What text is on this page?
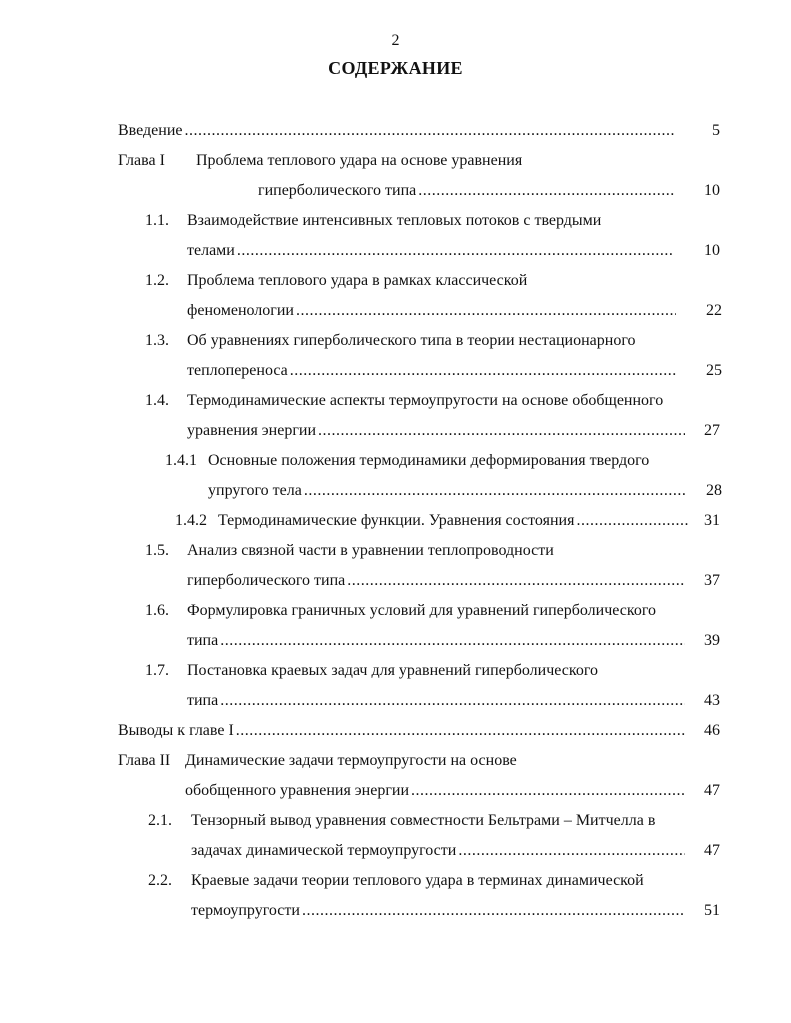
2
СОДЕРЖАНИЕ
Введение .....	5
Глава I Проблема теплового удара на основе уравнения
гиперболического типа .....	10
1.1. Взаимодействие интенсивных тепловых потоков с твердыми
телами .....	10
1.2. Проблема теплового удара в рамках классической
феноменологии .....	22
1.3. Об уравнениях гиперболического типа в теории нестационарного
теплопереноса .....	25
1.4. Термодинамические аспекты термоупругости на основе обобщенного
уравнения энергии .....	27
1.4.1 Основные положения термодинамики деформирования твердого
упругого тела .....	28
1.4.2 Термодинамические функции. Уравнения состояния .....	31
1.5. Анализ связной части в уравнении теплопроводности
гиперболического типа .....	37
1.6. Формулировка граничных условий для уравнений гиперболического
типа .....	39
1.7. Постановка краевых задач для уравнений гиперболического
типа .....	43
Выводы к главе I .....	46
Глава II Динамические задачи термоупругости на основе
обобщенного уравнения энергии .....	47
2.1. Тензорный вывод уравнения совместности Бельтрами – Митчелла в
задачах динамической термоупругости .....	47
2.2. Краевые задачи теории теплового удара в терминах динамической
термоупругости .....	51
